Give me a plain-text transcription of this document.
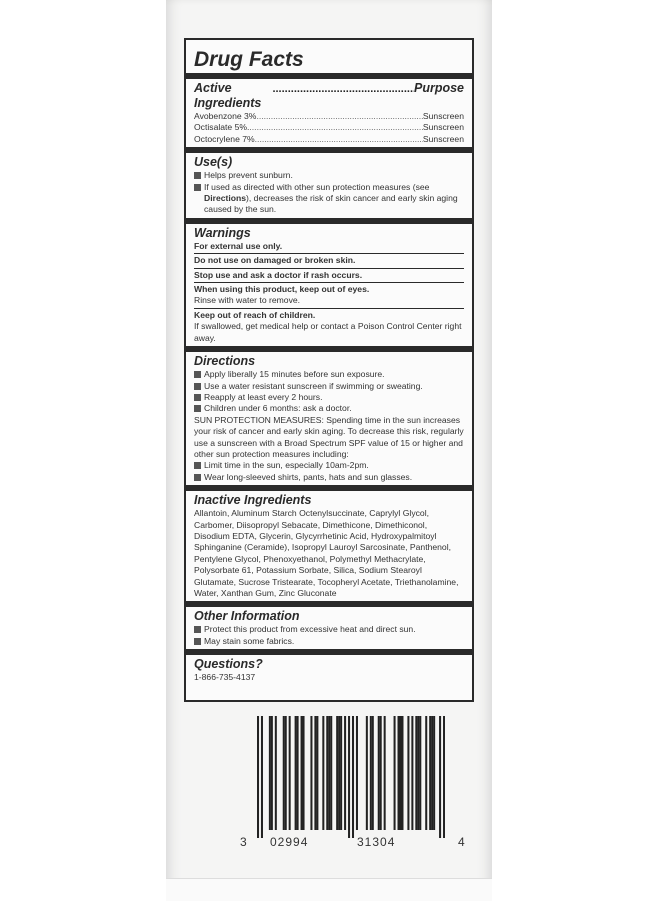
Drug Facts
Active Ingredients
.....
Purpose
Avobenzone 3% .....	Sunscreen
Octisalate 5%. .....	Sunscreen
Octocrylene 7% .....	Sunscreen
Use(s)
Helps prevent sunburn.
If used as directed with other sun protection measures (see Directions), decreases the risk of skin cancer and early skin aging caused by the sun.
Warnings
For external use only.
Do not use on damaged or broken skin.
Stop use and ask a doctor if rash occurs.
When using this product, keep out of eyes.
Rinse with water to remove.
Keep out of reach of children.
If swallowed, get medical help or contact a Poison Control Center right away.
Directions
Apply liberally 15 minutes before sun exposure.
Use a water resistant sunscreen if swimming or sweating.
Reapply at least every 2 hours.
Children under 6 months: ask a doctor.
SUN PROTECTION MEASURES: Spending time in the sun increases your risk of cancer and early skin aging. To decrease this risk, regularly use a sunscreen with a Broad Spectrum SPF value of 15 or higher and other sun protection measures including:
Limit time in the sun, especially 10am-2pm.
Wear long-sleeved shirts, pants, hats and sun glasses.
Inactive Ingredients
Allantoin, Aluminum Starch Octenylsuccinate, Caprylyl Glycol, Carbomer, Diisopropyl Sebacate, Dimethicone, Dimethiconol, Disodium EDTA, Glycerin, Glycyrrhetinic Acid, Hydroxypalmitoyl Sphinganine (Ceramide), Isopropyl Lauroyl Sarcosinate, Panthenol, Pentylene Glycol, Phenoxyethanol, Polymethyl Methacrylate, Polysorbate 61, Potassium Sorbate, Silica, Sodium Stearoyl Glutamate, Sucrose Tristearate, Tocopheryl Acetate, Triethanolamine, Water, Xanthan Gum, Zinc Gluconate
Other Information
Protect this product from excessive heat and direct sun.
May stain some fabrics.
Questions?
1-866-735-4137
3 02994	31304	4
